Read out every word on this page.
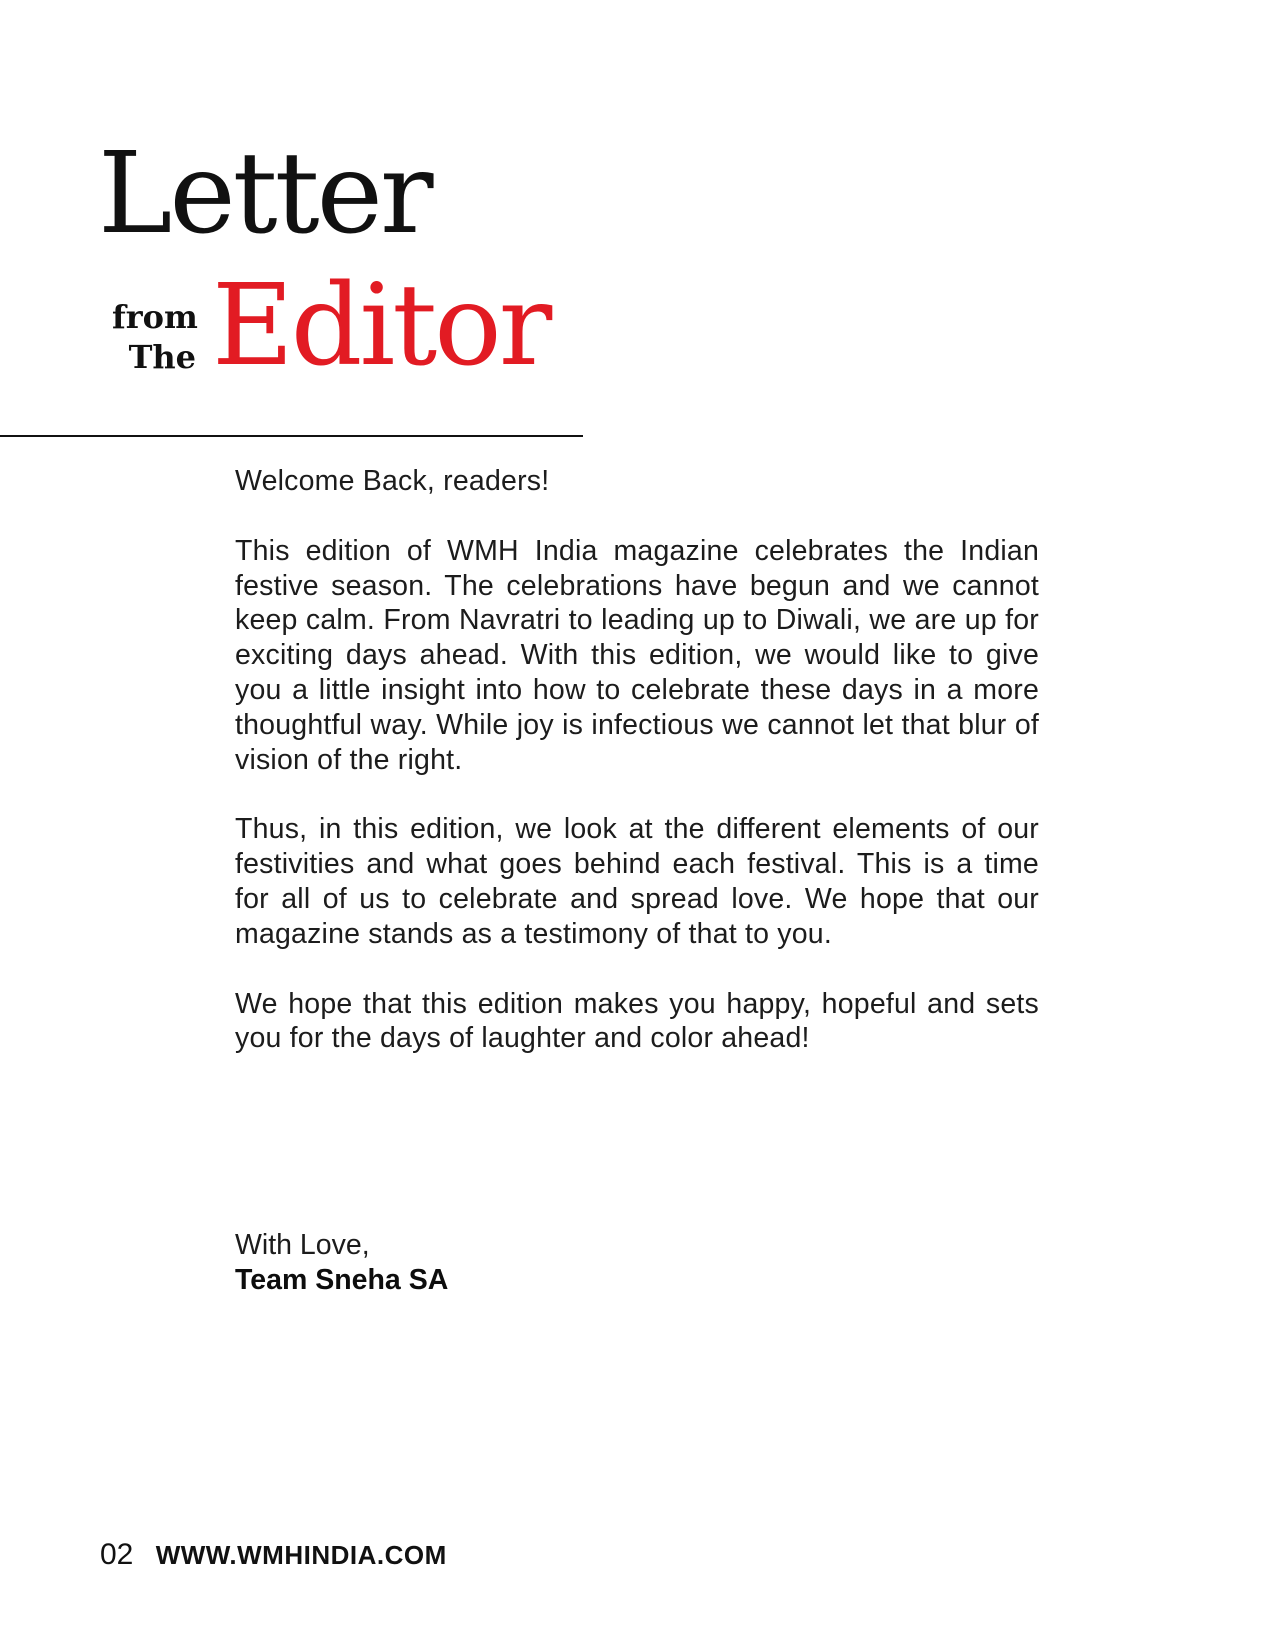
Letter
from
The Editor

Welcome Back, readers!

This edition of WMH India magazine celebrates the Indian festive season. The celebrations have begun and we cannot keep calm. From Navratri to leading up to Diwali, we are up for exciting days ahead. With this edition, we would like to give you a little insight into how to celebrate these days in a more thoughtful way. While joy is infectious we cannot let that blur of vision of the right.

Thus, in this edition, we look at the different elements of our festivities and what goes behind each festival. This is a time for all of us to celebrate and spread love. We hope that our magazine stands as a testimony of that to you.

We hope that this edition makes you happy, hopeful and sets you for the days of laughter and color ahead!

With Love,
Team Sneha SA
02 WWW.WMHINDIA.COM
